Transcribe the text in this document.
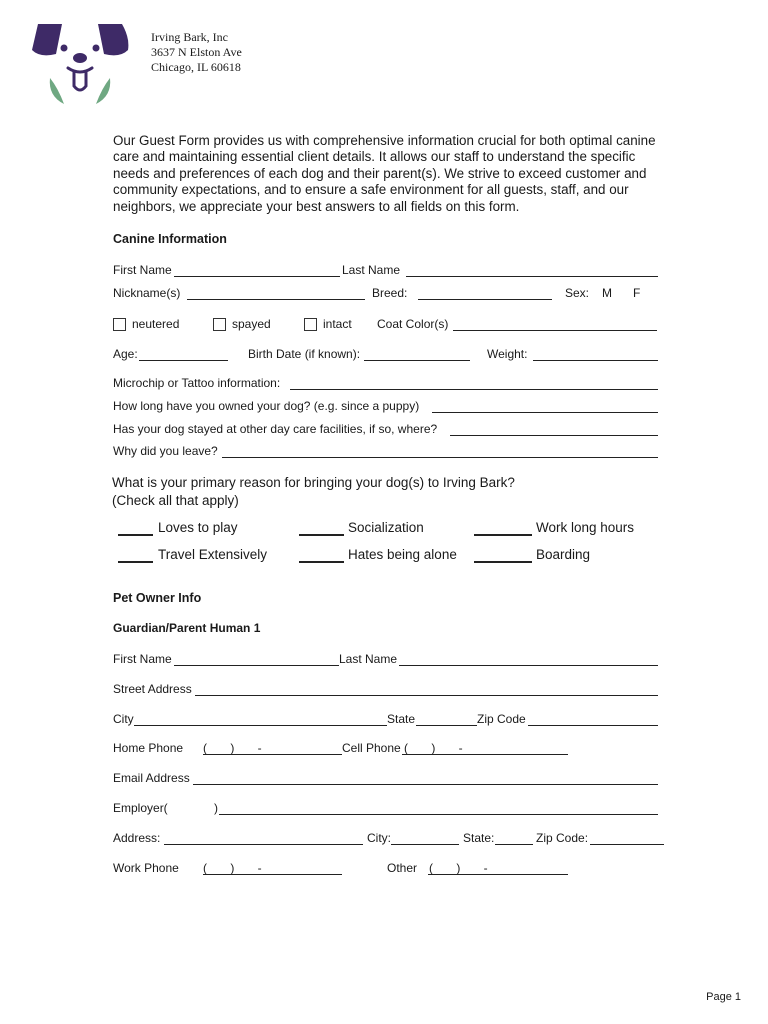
Irving Bark, Inc
3637 N Elston Ave
Chicago, IL 60618
Our Guest Form provides us with comprehensive information crucial for both optimal canine care and maintaining essential client details. It allows our staff to understand the specific needs and preferences of each dog and their parent(s). We strive to exceed customer and community expectations, and to ensure a safe environment for all guests, staff, and our neighbors, we appreciate your best answers to all fields on this form.
Canine Information
First Name	Last Name
Nickname(s)	Breed:	Sex: M F
neutered	spayed	intact Coat Color(s)
Age:	Birth Date (if known):	Weight:
Microchip or Tattoo information:
How long have you owned your dog? (e.g. since a puppy)
Has your dog stayed at other day care facilities, if so, where?
Why did you leave?
What is your primary reason for bringing your dog(s) to Irving Bark?
(Check all that apply)
Loves to play	Socialization	Work long hours
Travel Extensively	Hates being alone	Boarding
Pet Owner Info
Guardian/Parent Human 1
First Name	Last Name
Street Address
City	State	Zip Code
Home Phone (       )       -	Cell Phone (       )       -
Email Address
Employer(	)
Address:	City:	State:	Zip Code:
Work Phone (       )       -	Other (       )       -
Page 1
